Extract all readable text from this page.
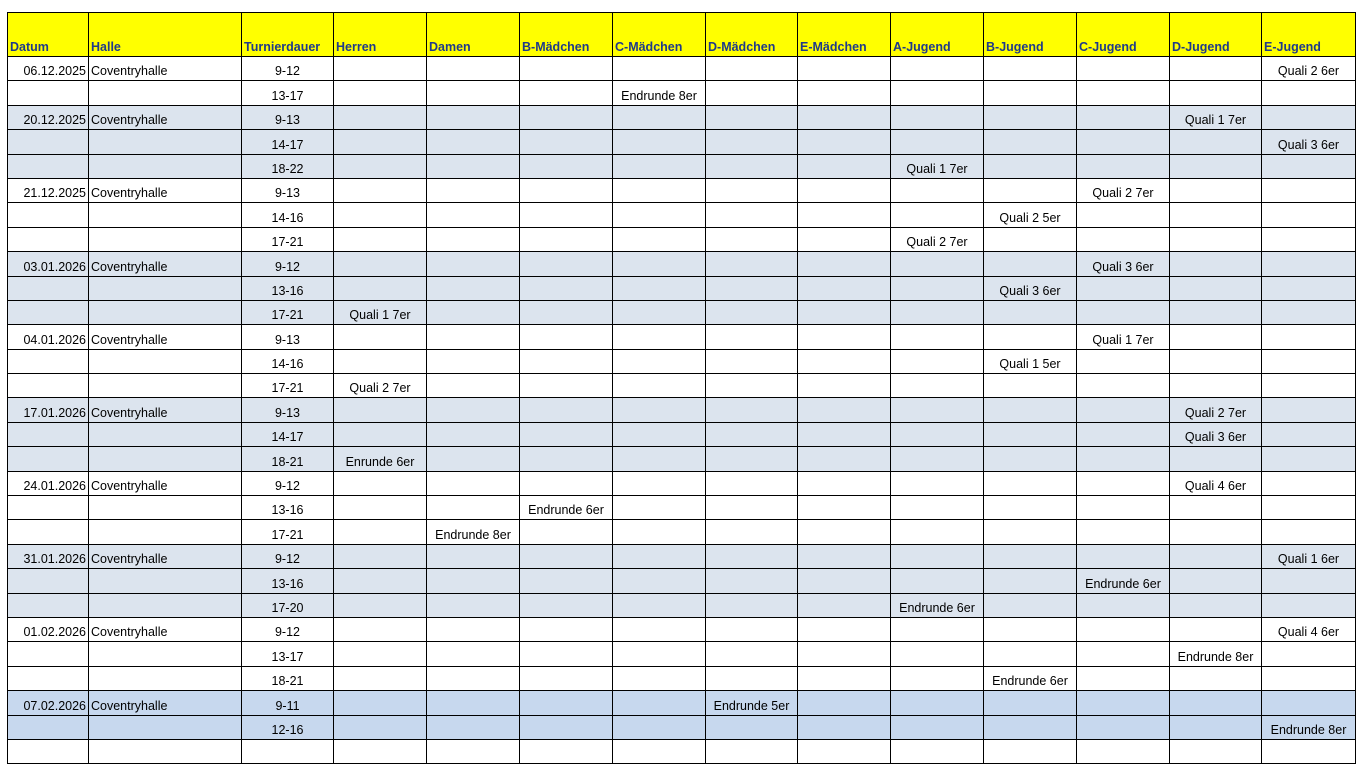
Datum	Halle	Turnierdauer	Herren	Damen	B-Mädchen	C-Mädchen	D-Mädchen	E-Mädchen	A-Jugend	B-Jugend	C-Jugend	D-Jugend	E-Jugend
06.12.2025	Coventryhalle	9-12											Quali 2 6er
		13-17				Endrunde 8er							
20.12.2025	Coventryhalle	9-13										Quali 1 7er	
		14-17											Quali 3 6er
		18-22							Quali 1 7er				
21.12.2025	Coventryhalle	9-13									Quali 2 7er		
		14-16								Quali 2 5er			
		17-21							Quali 2 7er				
03.01.2026	Coventryhalle	9-12									Quali 3 6er		
		13-16								Quali 3 6er			
		17-21	Quali 1 7er										
04.01.2026	Coventryhalle	9-13									Quali 1 7er		
		14-16								Quali 1 5er			
		17-21	Quali 2 7er										
17.01.2026	Coventryhalle	9-13										Quali 2 7er	
		14-17										Quali 3 6er	
		18-21	Enrunde 6er										
24.01.2026	Coventryhalle	9-12										Quali 4 6er	
		13-16			Endrunde 6er								
		17-21		Endrunde 8er									
31.01.2026	Coventryhalle	9-12											Quali 1 6er
		13-16									Endrunde 6er		
		17-20							Endrunde 6er				
01.02.2026	Coventryhalle	9-12											Quali 4 6er
		13-17										Endrunde 8er	
		18-21								Endrunde 6er			
07.02.2026	Coventryhalle	9-11					Endrunde 5er						
		12-16											Endrunde 8er
